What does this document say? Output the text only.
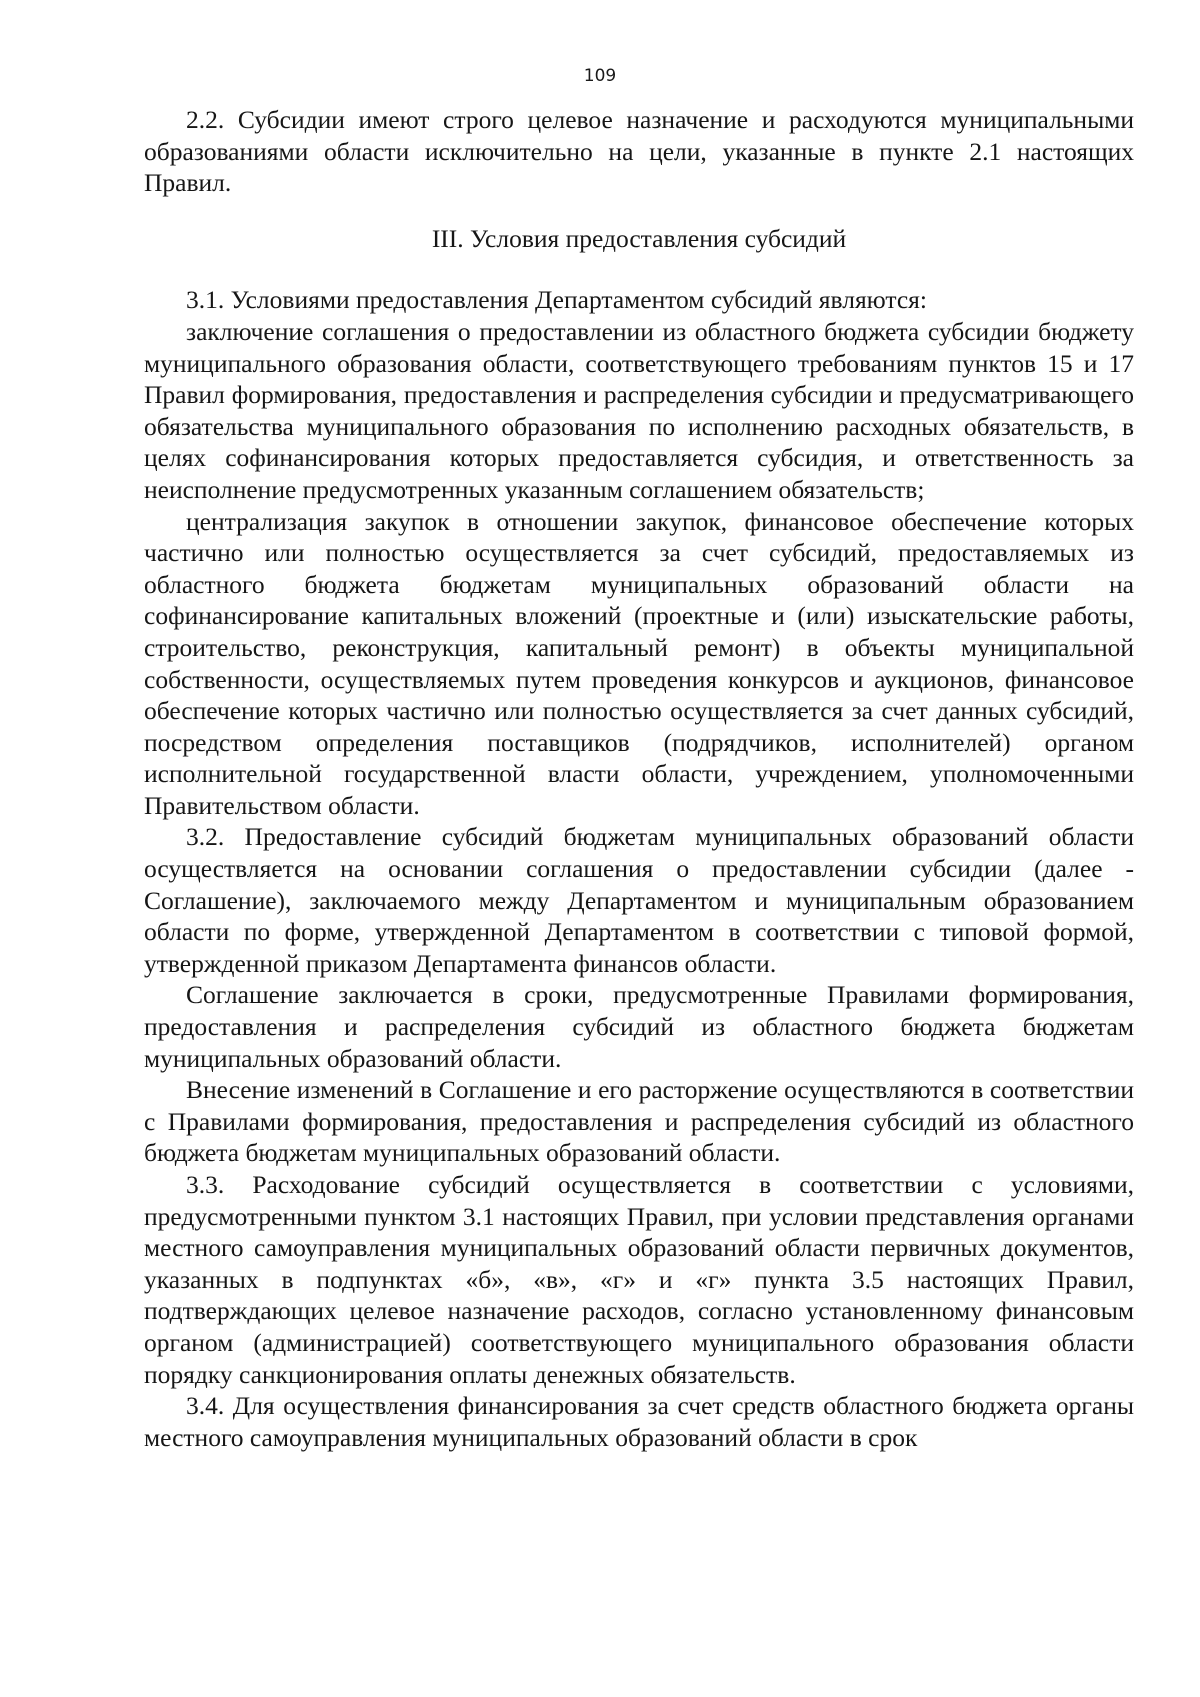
109

2.2. Субсидии имеют строго целевое назначение и расходуются муниципальными образованиями области исключительно на цели, указанные в пункте 2.1 настоящих Правил.

III. Условия предоставления субсидий

3.1. Условиями предоставления Департаментом субсидий являются:

заключение соглашения о предоставлении из областного бюджета субсидии бюджету муниципального образования области, соответствующего требованиям пунктов 15 и 17 Правил формирования, предоставления и распределения субсидии и предусматривающего обязательства муниципального образования по исполнению расходных обязательств, в целях софинансирования которых предоставляется субсидия, и ответственность за неисполнение предусмотренных указанным соглашением обязательств;

централизация закупок в отношении закупок, финансовое обеспечение которых частично или полностью осуществляется за счет субсидий, предоставляемых из областного бюджета бюджетам муниципальных образований области на софинансирование капитальных вложений (проектные и (или) изыскательские работы, строительство, реконструкция, капитальный ремонт) в объекты муниципальной собственности, осуществляемых путем проведения конкурсов и аукционов, финансовое обеспечение которых частично или полностью осуществляется за счет данных субсидий, посредством определения поставщиков (подрядчиков, исполнителей) органом исполнительной государственной власти области, учреждением, уполномоченными Правительством области.

3.2. Предоставление субсидий бюджетам муниципальных образований области осуществляется на основании соглашения о предоставлении субсидии (далее - Соглашение), заключаемого между Департаментом и муниципальным образованием области по форме, утвержденной Департаментом в соответствии с типовой формой, утвержденной приказом Департамента финансов области.

Соглашение заключается в сроки, предусмотренные Правилами формирования, предоставления и распределения субсидий из областного бюджета бюджетам муниципальных образований области.

Внесение изменений в Соглашение и его расторжение осуществляются в соответствии с Правилами формирования, предоставления и распределения субсидий из областного бюджета бюджетам муниципальных образований области.

3.3. Расходование субсидий осуществляется в соответствии с условиями, предусмотренными пунктом 3.1 настоящих Правил, при условии представления органами местного самоуправления муниципальных образований области первичных документов, указанных в подпунктах «б», «в», «г» и «г» пункта 3.5 настоящих Правил, подтверждающих целевое назначение расходов, согласно установленному финансовым органом (администрацией) соответствующего муниципального образования области порядку санкционирования оплаты денежных обязательств.

3.4. Для осуществления финансирования за счет средств областного бюджета органы местного самоуправления муниципальных образований области в срок
